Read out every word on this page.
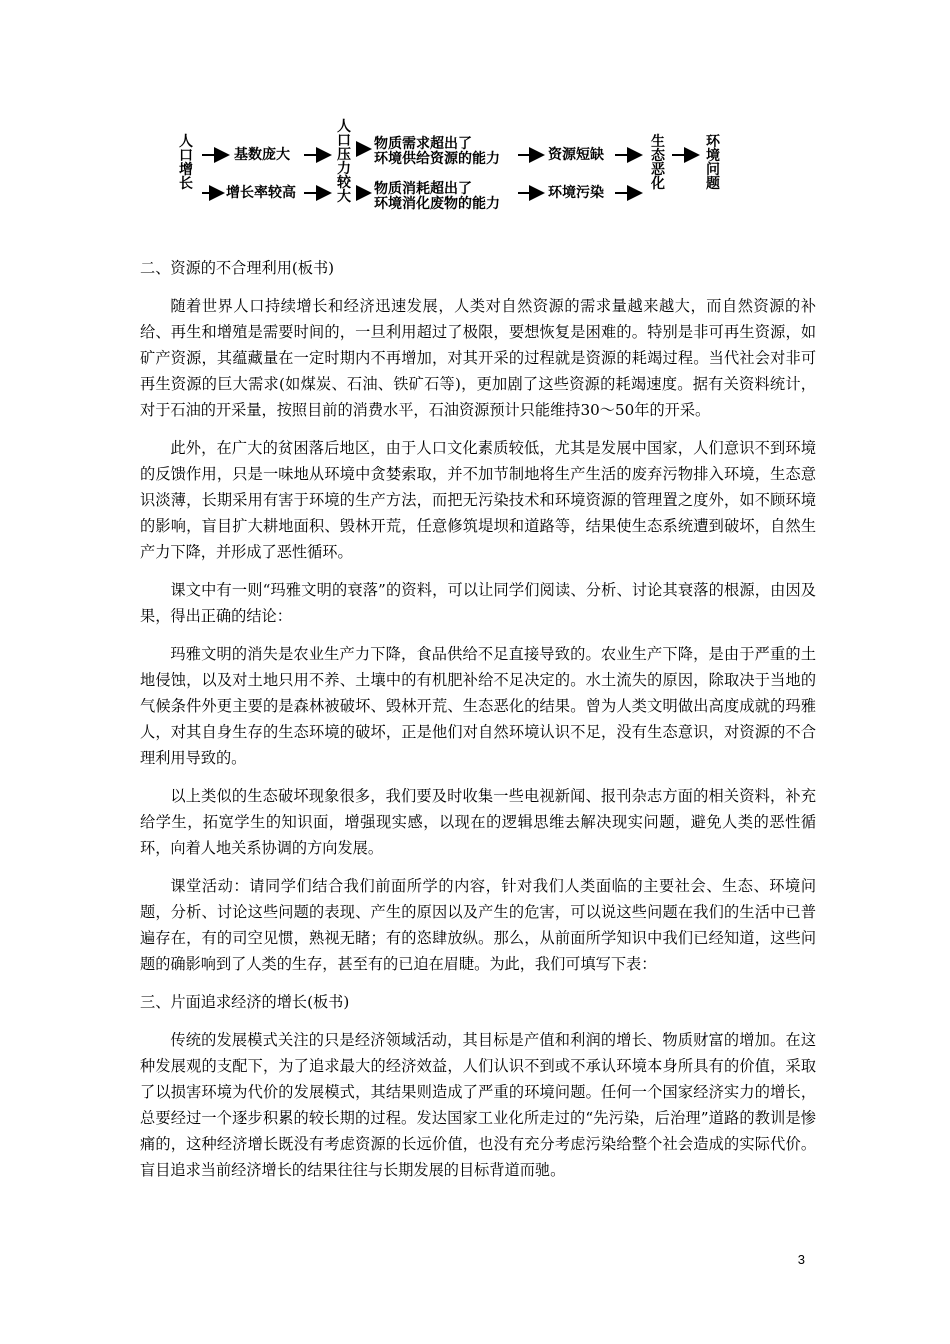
人口增长
基数庞大
增长率较高
人口压力较大
物质需求超出了
环境供给资源的能力
物质消耗超出了
环境消化废物的能力
资源短缺
环境污染
生态恶化
环境问题

二、资源的不合理利用(板书)

随着世界人口持续增长和经济迅速发展，人类对自然资源的需求量越来越大，而自然资源的补给、再生和增殖是需要时间的，一旦利用超过了极限，要想恢复是困难的。特别是非可再生资源，如矿产资源，其蕴藏量在一定时期内不再增加，对其开采的过程就是资源的耗竭过程。当代社会对非可再生资源的巨大需求(如煤炭、石油、铁矿石等)，更加剧了这些资源的耗竭速度。据有关资料统计，对于石油的开采量，按照目前的消费水平，石油资源预计只能维持30～50年的开采。

此外，在广大的贫困落后地区，由于人口文化素质较低，尤其是发展中国家，人们意识不到环境的反馈作用，只是一味地从环境中贪婪索取，并不加节制地将生产生活的废弃污物排入环境，生态意识淡薄，长期采用有害于环境的生产方法，而把无污染技术和环境资源的管理置之度外，如不顾环境的影响，盲目扩大耕地面积、毁林开荒，任意修筑堤坝和道路等，结果使生态系统遭到破坏，自然生产力下降，并形成了恶性循环。

课文中有一则“玛雅文明的衰落”的资料，可以让同学们阅读、分析、讨论其衰落的根源，由因及果，得出正确的结论：

玛雅文明的消失是农业生产力下降，食品供给不足直接导致的。农业生产下降，是由于严重的土地侵蚀，以及对土地只用不养、土壤中的有机肥补给不足决定的。水土流失的原因，除取决于当地的气候条件外更主要的是森林被破坏、毁林开荒、生态恶化的结果。曾为人类文明做出高度成就的玛雅人，对其自身生存的生态环境的破坏，正是他们对自然环境认识不足，没有生态意识，对资源的不合理利用导致的。

以上类似的生态破坏现象很多，我们要及时收集一些电视新闻、报刊杂志方面的相关资料，补充给学生，拓宽学生的知识面，增强现实感，以现在的逻辑思维去解决现实问题，避免人类的恶性循环，向着人地关系协调的方向发展。

课堂活动：请同学们结合我们前面所学的内容，针对我们人类面临的主要社会、生态、环境问题，分析、讨论这些问题的表现、产生的原因以及产生的危害，可以说这些问题在我们的生活中已普遍存在，有的司空见惯，熟视无睹；有的恣肆放纵。那么，从前面所学知识中我们已经知道，这些问题的确影响到了人类的生存，甚至有的已迫在眉睫。为此，我们可填写下表：

三、片面追求经济的增长(板书)

传统的发展模式关注的只是经济领域活动，其目标是产值和利润的增长、物质财富的增加。在这种发展观的支配下，为了追求最大的经济效益，人们认识不到或不承认环境本身所具有的价值，采取了以损害环境为代价的发展模式，其结果则造成了严重的环境问题。任何一个国家经济实力的增长，总要经过一个逐步积累的较长期的过程。发达国家工业化所走过的“先污染，后治理”道路的教训是惨痛的，这种经济增长既没有考虑资源的长远价值，也没有充分考虑污染给整个社会造成的实际代价。盲目追求当前经济增长的结果往往与长期发展的目标背道而驰。

3
